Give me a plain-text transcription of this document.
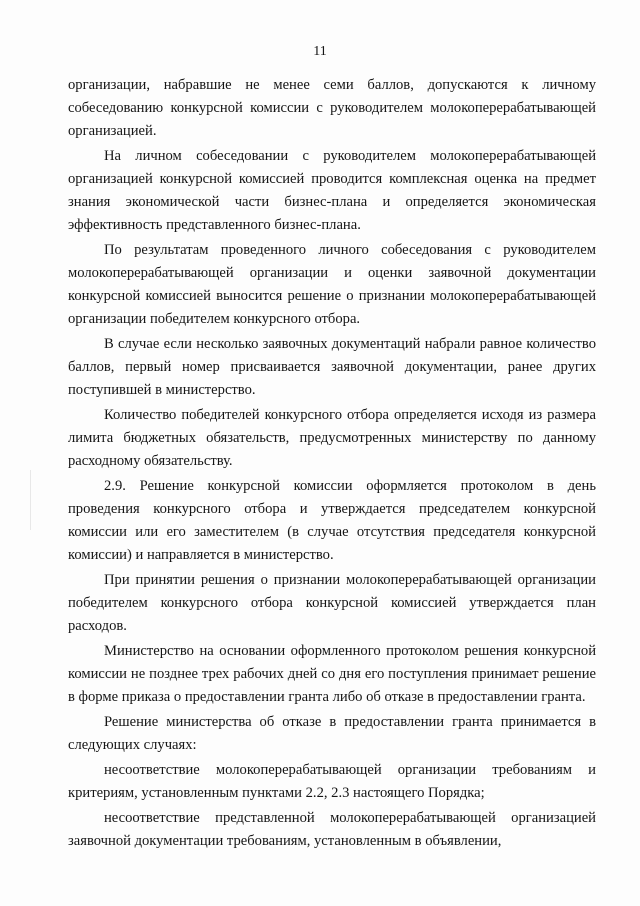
11

организации, набравшие не менее семи баллов, допускаются к личному собеседованию конкурсной комиссии с руководителем молокоперерабатывающей организацией.

На личном собеседовании с руководителем молокоперерабатывающей организацией конкурсной комиссией проводится комплексная оценка на предмет знания экономической части бизнес-плана и определяется экономическая эффективность представленного бизнес-плана.

По результатам проведенного личного собеседования с руководителем молокоперерабатывающей организации и оценки заявочной документации конкурсной комиссией выносится решение о признании молокоперерабатывающей организации победителем конкурсного отбора.

В случае если несколько заявочных документаций набрали равное количество баллов, первый номер присваивается заявочной документации, ранее других поступившей в министерство.

Количество победителей конкурсного отбора определяется исходя из размера лимита бюджетных обязательств, предусмотренных министерству по данному расходному обязательству.

2.9. Решение конкурсной комиссии оформляется протоколом в день проведения конкурсного отбора и утверждается председателем конкурсной комиссии или его заместителем (в случае отсутствия председателя конкурсной комиссии) и направляется в министерство.

При принятии решения о признании молокоперерабатывающей организации победителем конкурсного отбора конкурсной комиссией утверждается план расходов.

Министерство на основании оформленного протоколом решения конкурсной комиссии не позднее трех рабочих дней со дня его поступления принимает решение в форме приказа о предоставлении гранта либо об отказе в предоставлении гранта.

Решение министерства об отказе в предоставлении гранта принимается в следующих случаях:

несоответствие молокоперерабатывающей организации требованиям и критериям, установленным пунктами 2.2, 2.3 настоящего Порядка;

несоответствие представленной молокоперерабатывающей организацией заявочной документации требованиям, установленным в объявлении,
